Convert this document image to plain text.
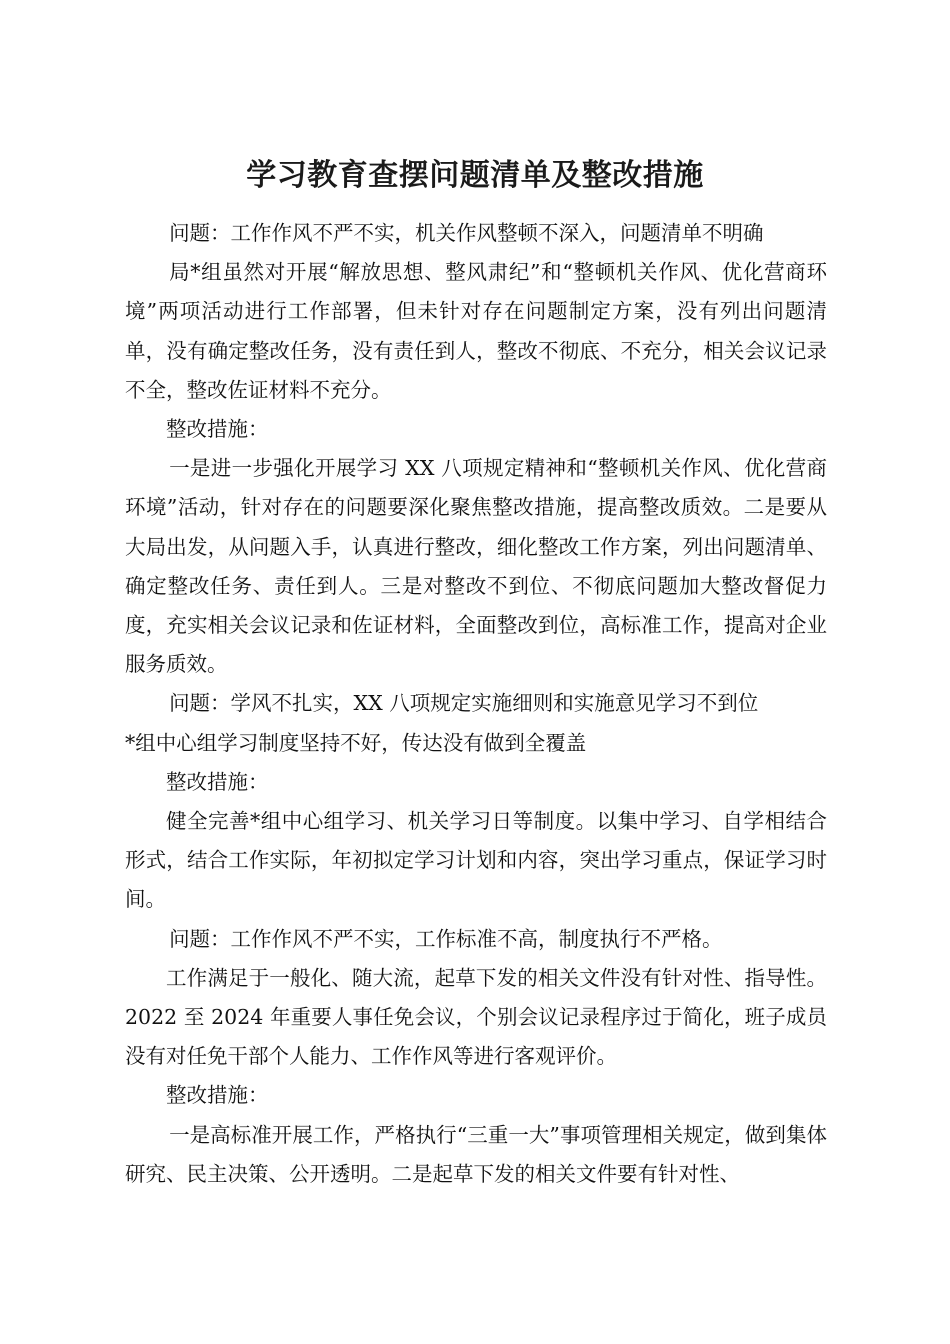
学习教育查摆问题清单及整改措施

问题：工作作风不严不实，机关作风整顿不深入，问题清单不明确

局*组虽然对开展“解放思想、整风肃纪”和“整顿机关作风、优化营商环境”两项活动进行工作部署，但未针对存在问题制定方案，没有列出问题清单，没有确定整改任务，没有责任到人，整改不彻底、不充分，相关会议记录不全，整改佐证材料不充分。

整改措施：

一是进一步强化开展学习 XX 八项规定精神和“整顿机关作风、优化营商环境”活动，针对存在的问题要深化聚焦整改措施，提高整改质效。二是要从大局出发，从问题入手，认真进行整改，细化整改工作方案，列出问题清单、确定整改任务、责任到人。三是对整改不到位、不彻底问题加大整改督促力度，充实相关会议记录和佐证材料，全面整改到位，高标准工作，提高对企业服务质效。

问题：学风不扎实，XX 八项规定实施细则和实施意见学习不到位

*组中心组学习制度坚持不好，传达没有做到全覆盖

整改措施：

健全完善*组中心组学习、机关学习日等制度。以集中学习、自学相结合形式，结合工作实际，年初拟定学习计划和内容，突出学习重点，保证学习时间。

问题：工作作风不严不实，工作标准不高，制度执行不严格。

工作满足于一般化、随大流，起草下发的相关文件没有针对性、指导性。2022 至 2024 年重要人事任免会议，个别会议记录程序过于简化，班子成员没有对任免干部个人能力、工作作风等进行客观评价。

整改措施：

一是高标准开展工作，严格执行“三重一大”事项管理相关规定，做到集体研究、民主决策、公开透明。二是起草下发的相关文件要有针对性、
